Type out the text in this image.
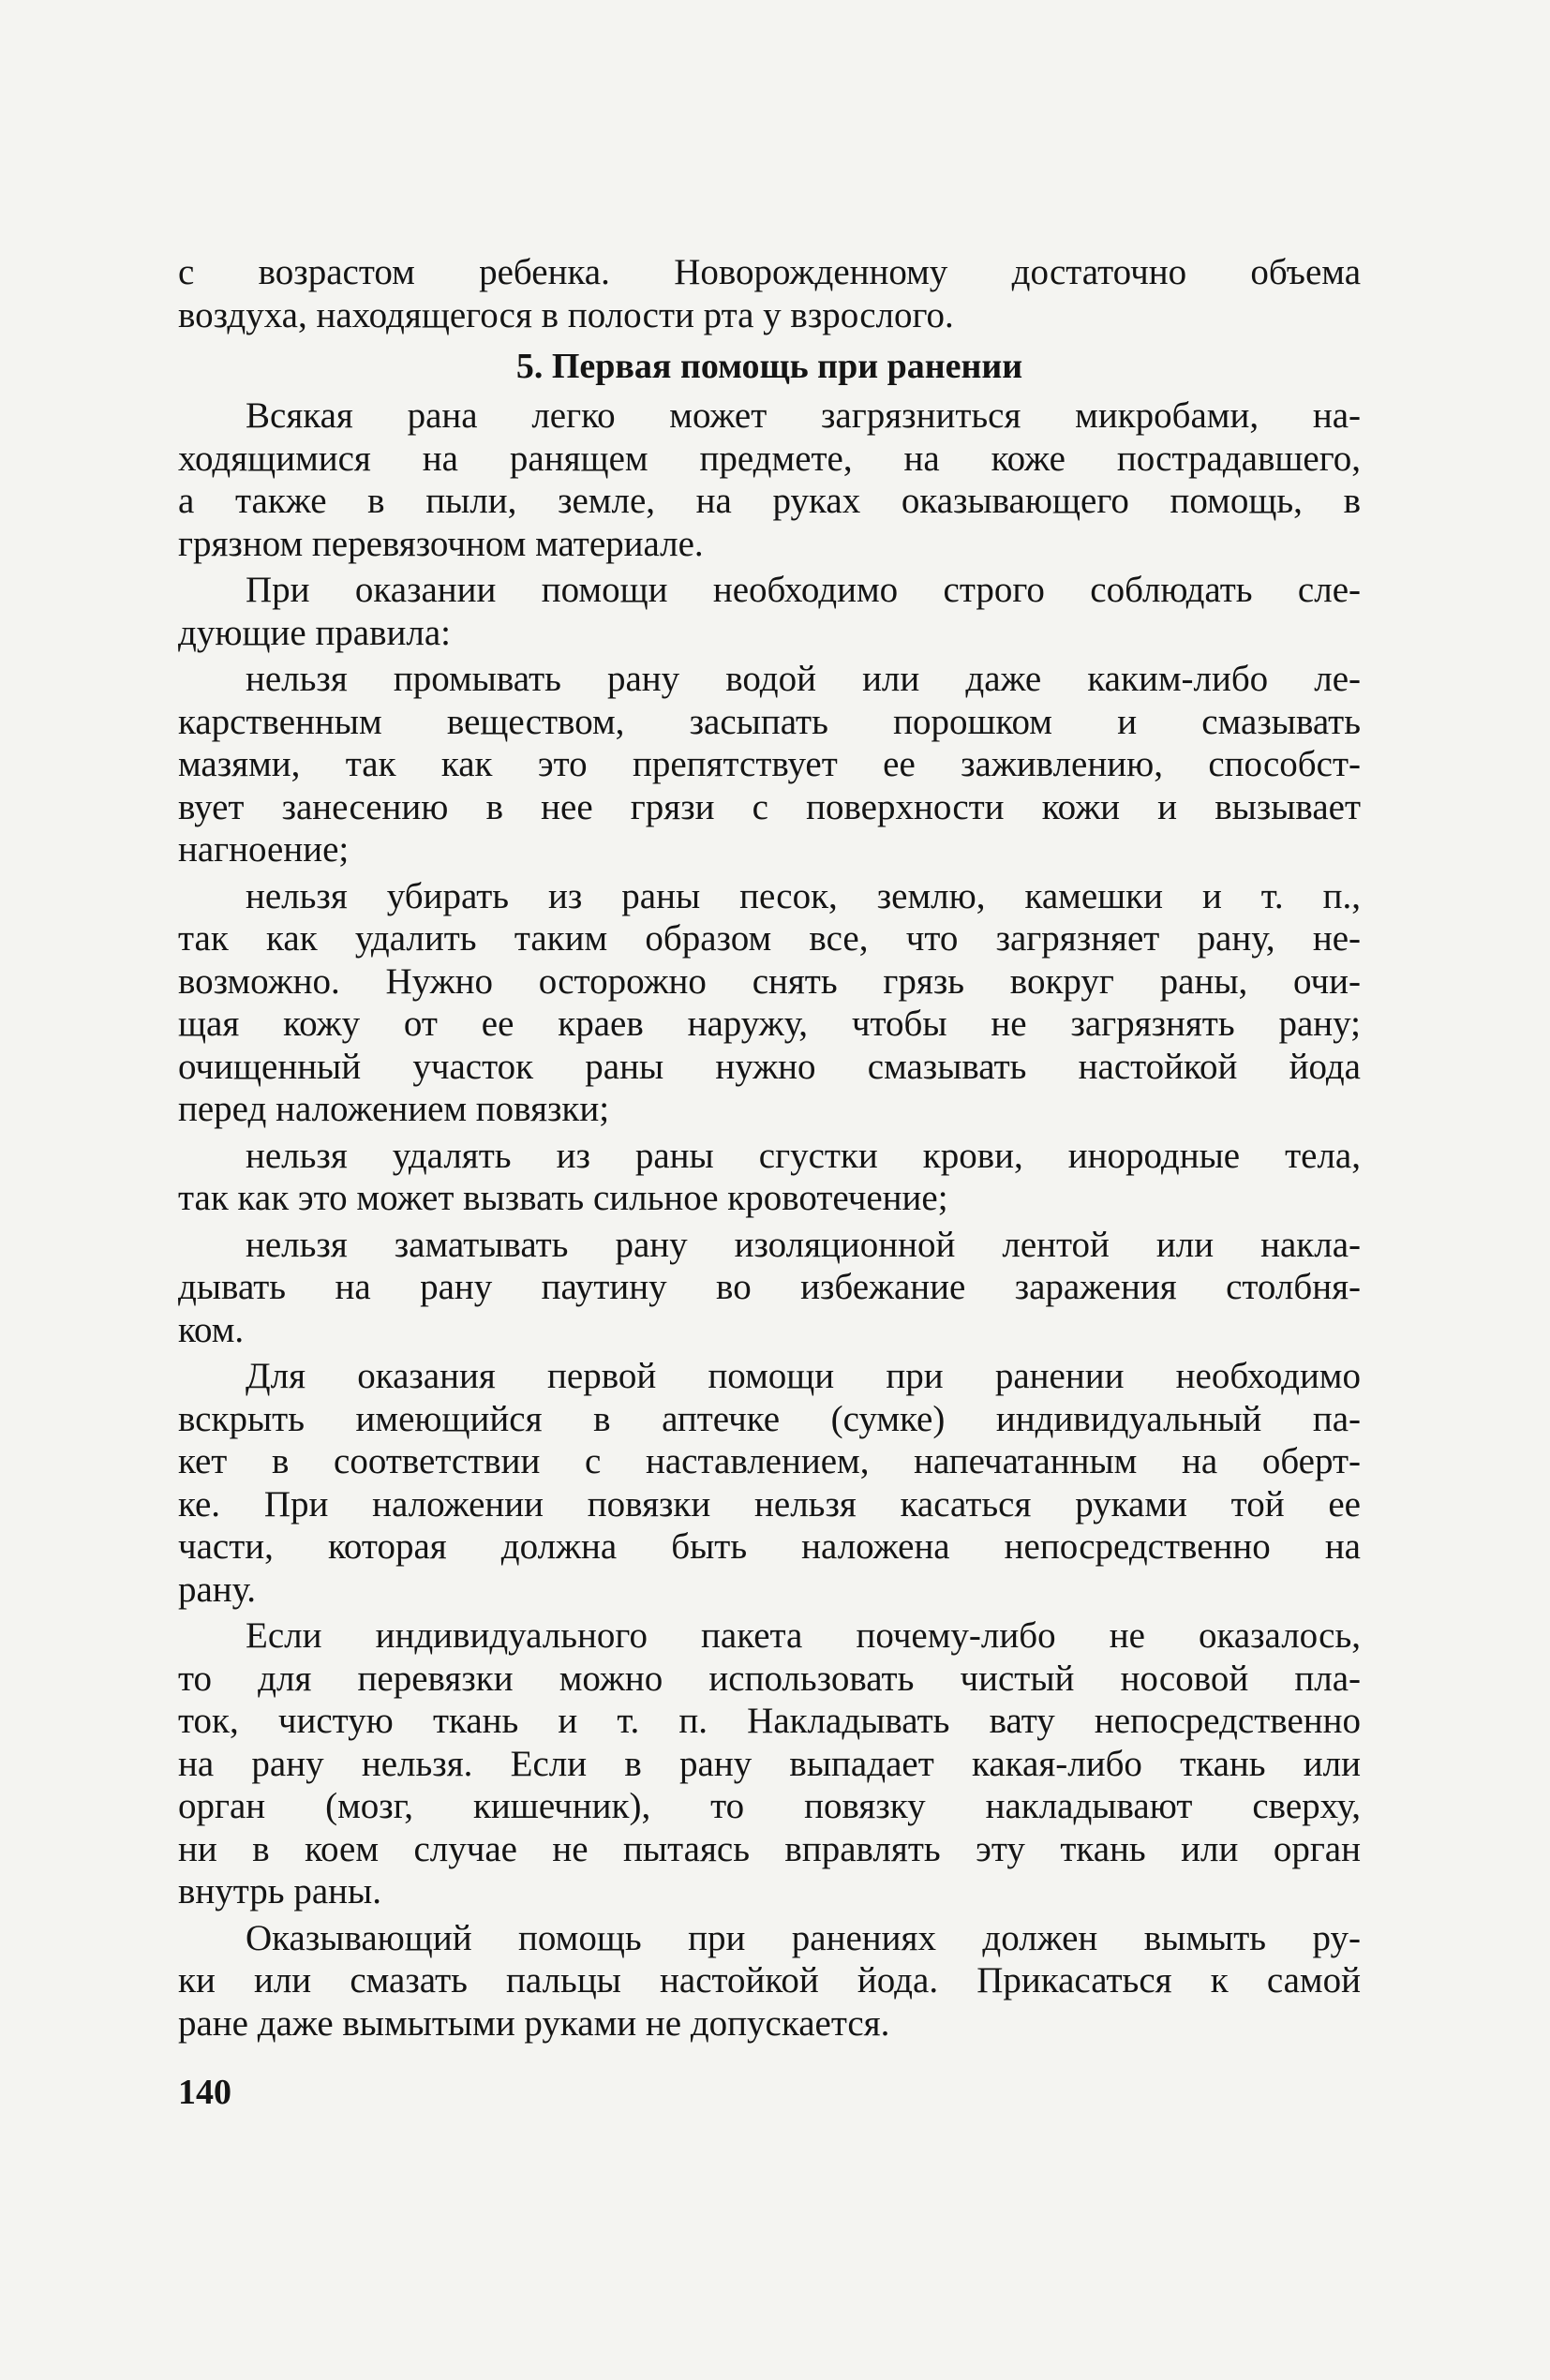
с возрастом ребенка. Новорожденному достаточно объема
воздуха, находящегося в полости рта у взрослого.
5. Первая помощь при ранении
Всякая рана легко может загрязниться микробами, на-
ходящимися на ранящем предмете, на коже пострадавшего,
а также в пыли, земле, на руках оказывающего помощь, в
грязном перевязочном материале.
При оказании помощи необходимо строго соблюдать сле-
дующие правила:
нельзя промывать рану водой или даже каким-либо ле-
карственным веществом, засыпать порошком и смазывать
мазями, так как это препятствует ее заживлению, способст-
вует занесению в нее грязи с поверхности кожи и вызывает
нагноение;
нельзя убирать из раны песок, землю, камешки и т. п.,
так как удалить таким образом все, что загрязняет рану, не-
возможно. Нужно осторожно снять грязь вокруг раны, очи-
щая кожу от ее краев наружу, чтобы не загрязнять рану;
очищенный участок раны нужно смазывать настойкой йода
перед наложением повязки;
нельзя удалять из раны сгустки крови, инородные тела,
так как это может вызвать сильное кровотечение;
нельзя заматывать рану изоляционной лентой или накла-
дывать на рану паутину во избежание заражения столбня-
ком.
Для оказания первой помощи при ранении необходимо
вскрыть имеющийся в аптечке (сумке) индивидуальный па-
кет в соответствии с наставлением, напечатанным на оберт-
ке. При наложении повязки нельзя касаться руками той ее
части, которая должна быть наложена непосредственно на
рану.
Если индивидуального пакета почему-либо не оказалось,
то для перевязки можно использовать чистый носовой пла-
ток, чистую ткань и т. п. Накладывать вату непосредственно
на рану нельзя. Если в рану выпадает какая-либо ткань или
орган (мозг, кишечник), то повязку накладывают сверху,
ни в коем случае не пытаясь вправлять эту ткань или орган
внутрь раны.
Оказывающий помощь при ранениях должен вымыть ру-
ки или смазать пальцы настойкой йода. Прикасаться к самой
ране даже вымытыми руками не допускается.
140
